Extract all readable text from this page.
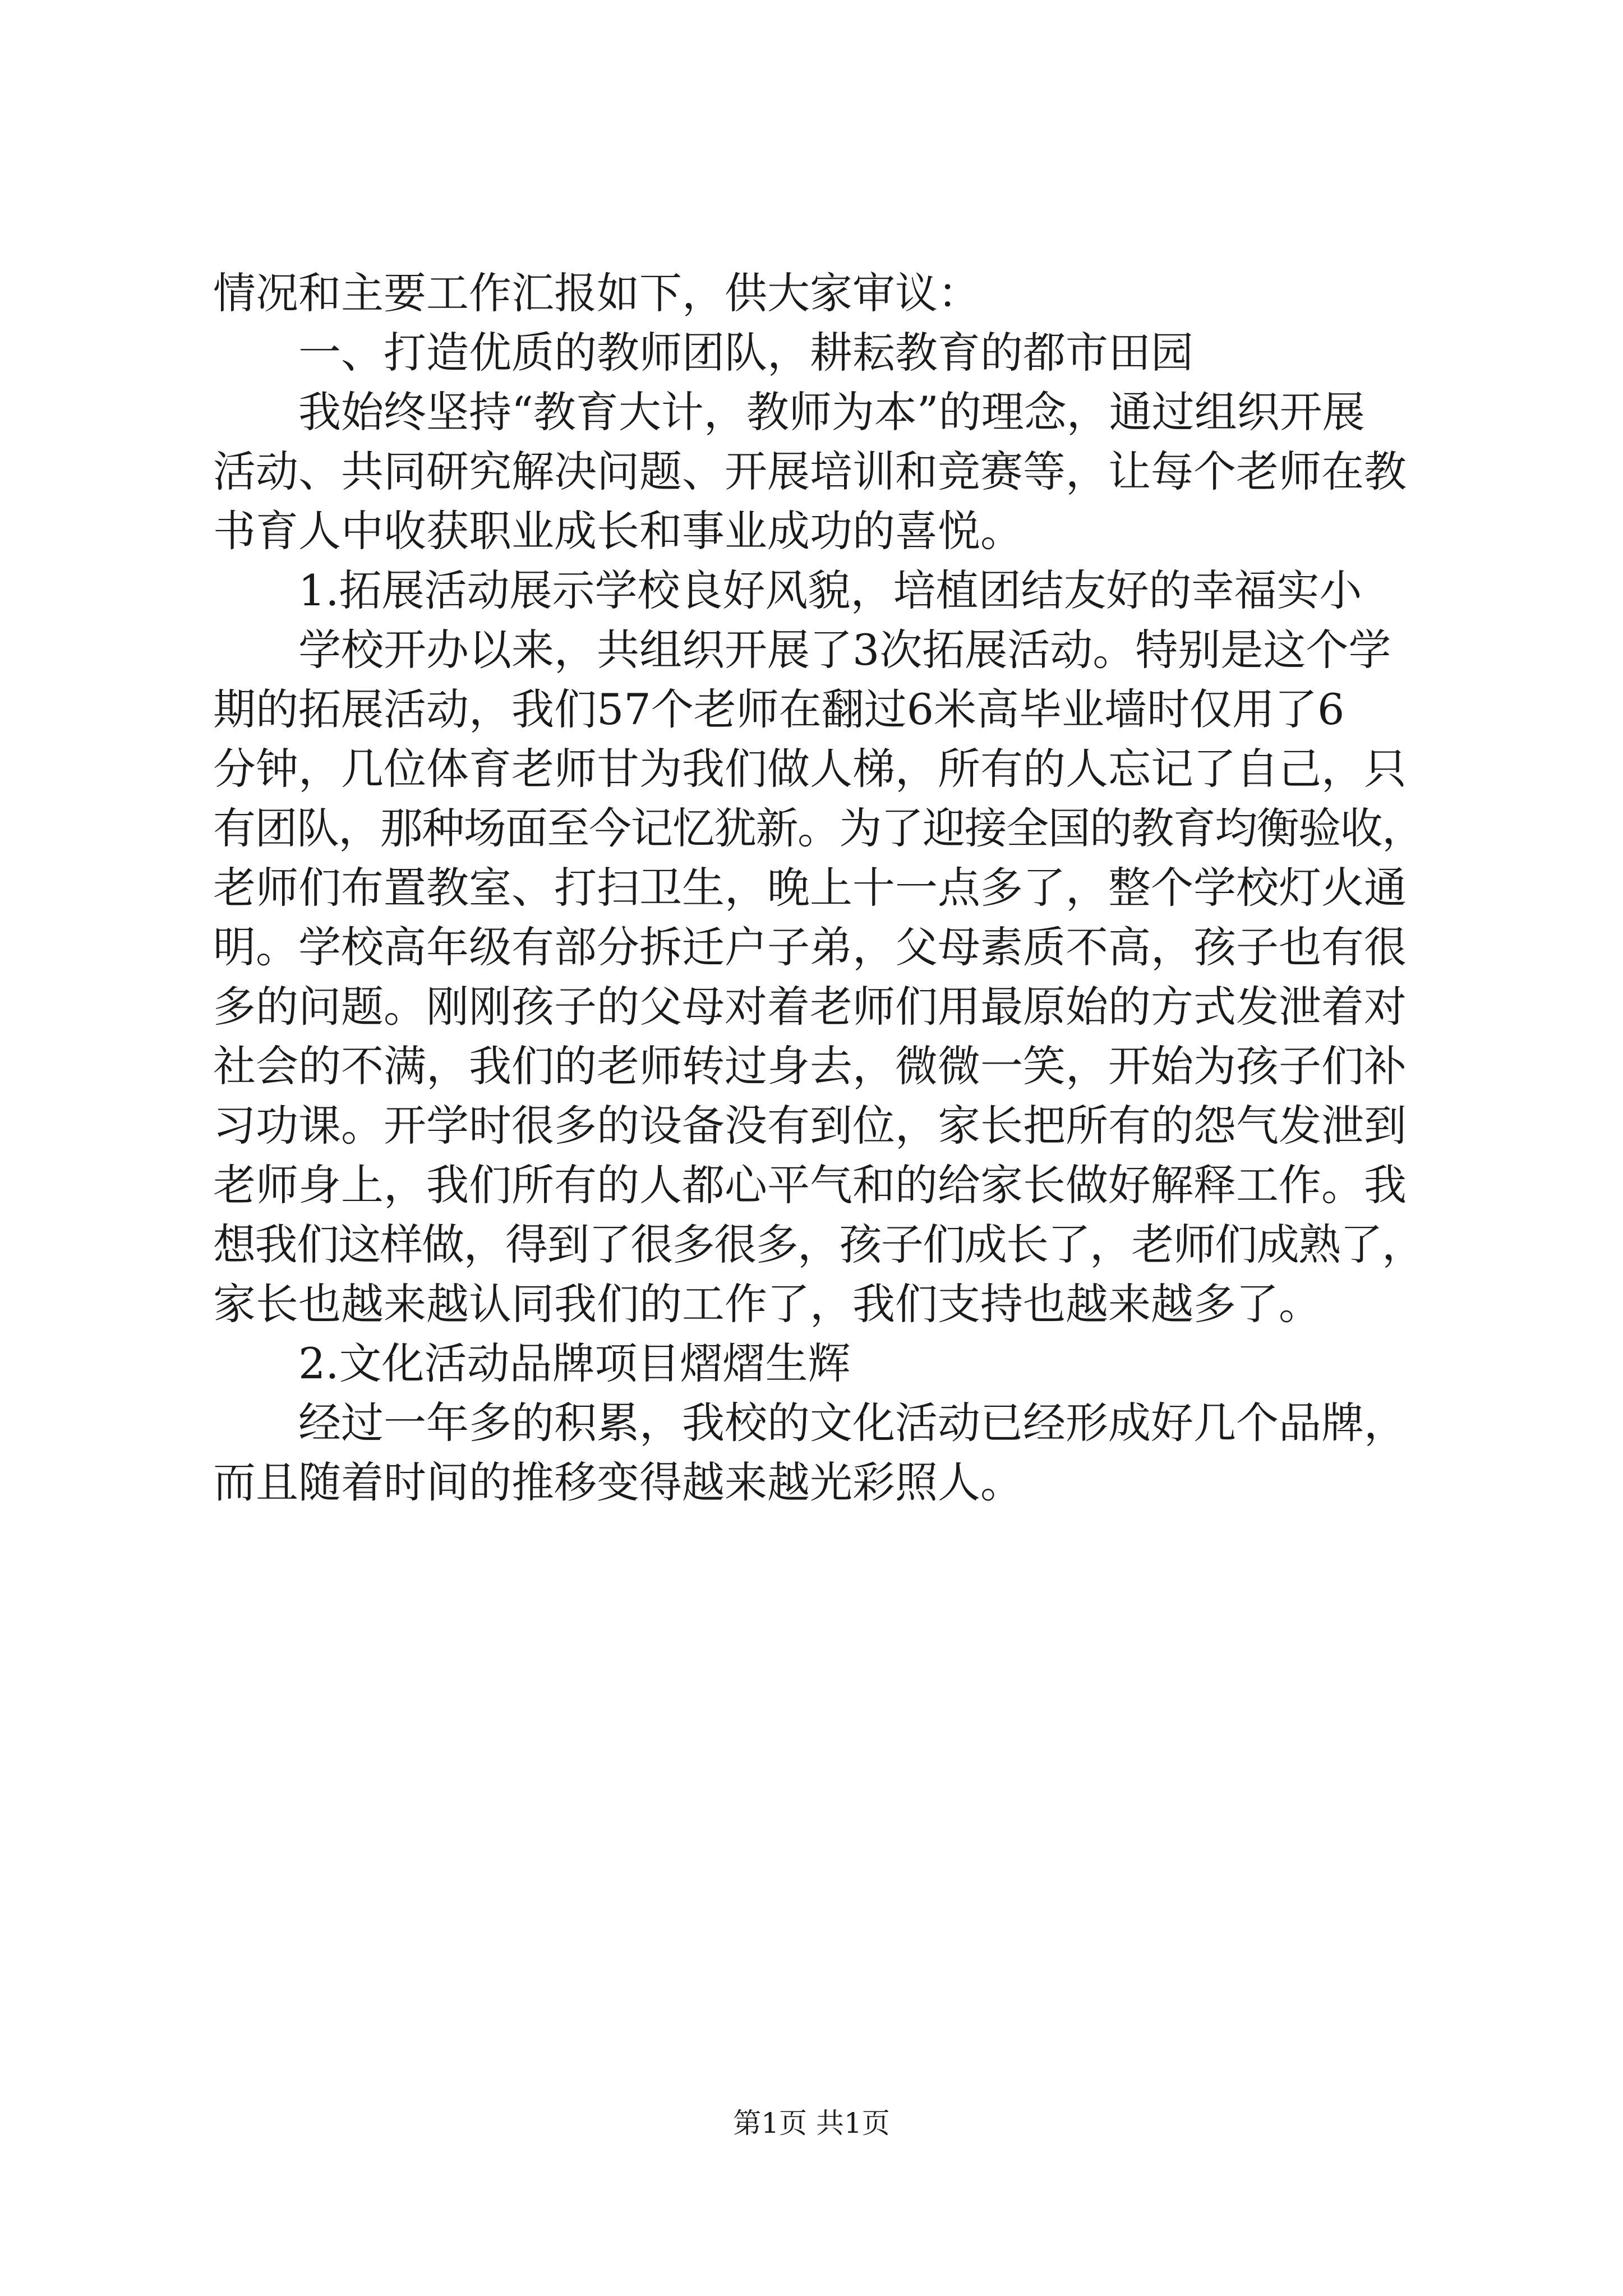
情况和主要工作汇报如下，供大家审议：

一、打造优质的教师团队，耕耘教育的都市田园

我始终坚持“教育大计，教师为本”的理念，通过组织开展

活动、共同研究解决问题、开展培训和竞赛等，让每个老师在教

书育人中收获职业成长和事业成功的喜悦。

1.拓展活动展示学校良好风貌，培植团结友好的幸福实小

学校开办以来，共组织开展了3次拓展活动。特别是这个学

期的拓展活动，我们57个老师在翻过6米高毕业墙时仅用了6

分钟，几位体育老师甘为我们做人梯，所有的人忘记了自己，只

有团队，那种场面至今记忆犹新。为了迎接全国的教育均衡验收，

老师们布置教室、打扫卫生，晚上十一点多了，整个学校灯火通

明。学校高年级有部分拆迁户子弟，父母素质不高，孩子也有很

多的问题。刚刚孩子的父母对着老师们用最原始的方式发泄着对

社会的不满，我们的老师转过身去，微微一笑，开始为孩子们补

习功课。开学时很多的设备没有到位，家长把所有的怨气发泄到

老师身上，我们所有的人都心平气和的给家长做好解释工作。我

想我们这样做，得到了很多很多，孩子们成长了，老师们成熟了，

家长也越来越认同我们的工作了，我们支持也越来越多了。

2.文化活动品牌项目熠熠生辉

经过一年多的积累，我校的文化活动已经形成好几个品牌，

而且随着时间的推移变得越来越光彩照人。

第1页 共1页
